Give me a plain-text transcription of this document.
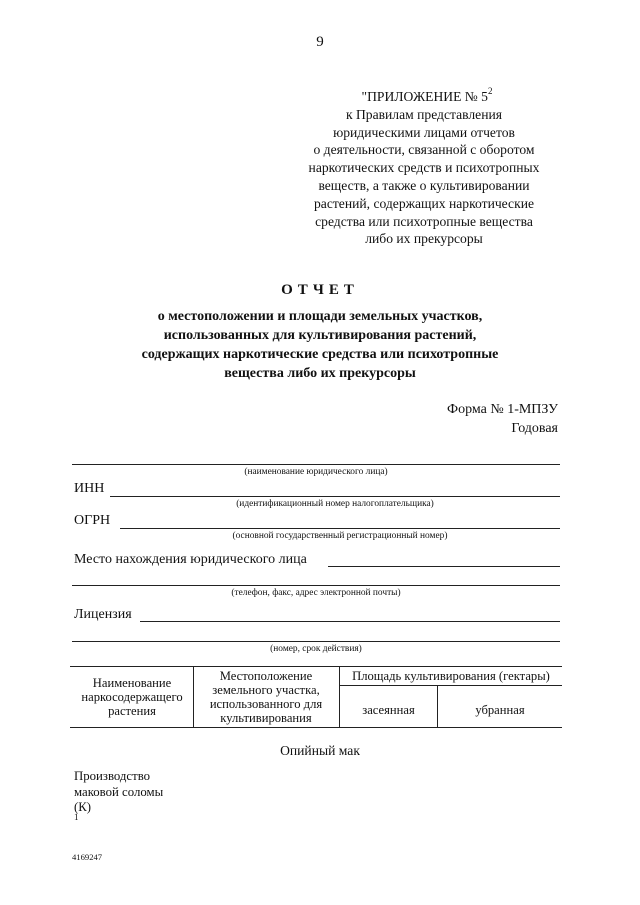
9
"ПРИЛОЖЕНИЕ № $5^2$
к Правилам представления
юридическими лицами отчетов
о деятельности, связанной с оборотом
наркотических средств и психотропных
веществ, а также о культивировании
растений, содержащих наркотические
средства или психотропные вещества
либо их прекурсоры
ОТЧЕТ
о местоположении и площади земельных участков,
использованных для культивирования растений,
содержащих наркотические средства или психотропные
вещества либо их прекурсоры
Форма № 1-МПЗУ
Годовая
(наименование юридического лица)
ИНН
(идентификационный номер налогоплательщика)
ОГРН
(основной государственный регистрационный номер)
Место нахождения юридического лица
(телефон, факс, адрес электронной почты)
Лицензия
(номер, срок действия)
Наименование
наркосодержащего
растения
Местоположение
земельного участка,
использованного для
культивирования
Площадь культивирования (гектары)
засеянная	убранная
Опийный мак
Производство
маковой соломы
(К)
$^1$
4169247
